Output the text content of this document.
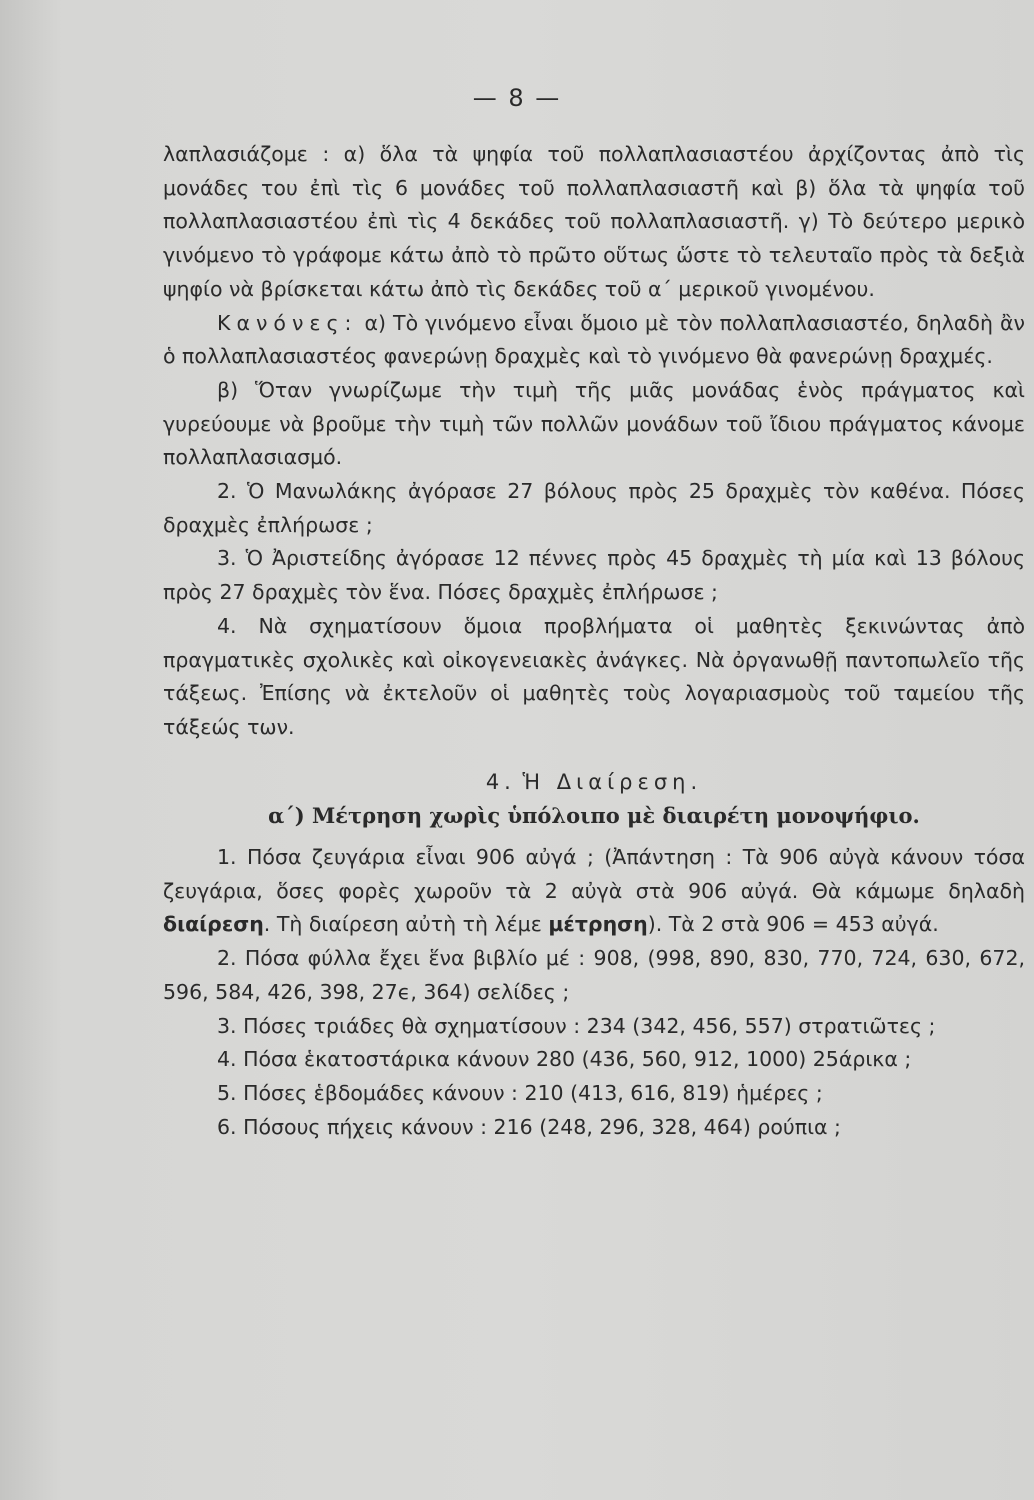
— 8 —

λαπλασιάζομε : α) ὅλα τὰ ψηφία τοῦ πολλαπλασιαστέου ἀρχίζοντας ἀπὸ τὶς μονάδες του ἐπὶ τὶς 6 μονάδες τοῦ πολλαπλασιαστῆ καὶ β) ὅλα τὰ ψηφία τοῦ πολλαπλασιαστέου ἐπὶ τὶς 4 δεκάδες τοῦ πολλαπλασιαστῆ. γ) Τὸ δεύτερο μερικὸ γινόμενο τὸ γράφομε κάτω ἀπὸ τὸ πρῶτο οὕτως ὥστε τὸ τελευταῖο πρὸς τὰ δεξιὰ ψηφίο νὰ βρίσκεται κάτω ἀπὸ τὶς δεκάδες τοῦ α΄ μερικοῦ γινομένου.

Κανόνες: α) Τὸ γινόμενο εἶναι ὅμοιο μὲ τὸν πολλαπλασιαστέο, δηλαδὴ ἂν ὁ πολλαπλασιαστέος φανερώνῃ δραχμὲς καὶ τὸ γινόμενο θὰ φανερώνῃ δραχμές.

β) Ὅταν γνωρίζωμε τὴν τιμὴ τῆς μιᾶς μονάδας ἑνὸς πράγματος καὶ γυρεύουμε νὰ βροῦμε τὴν τιμὴ τῶν πολλῶν μονάδων τοῦ ἴδιου πράγματος κάνομε πολλαπλασιασμό.

2. Ὁ Μανωλάκης ἀγόρασε 27 βόλους πρὸς 25 δραχμὲς τὸν καθένα. Πόσες δραχμὲς ἐπλήρωσε ;

3. Ὁ Ἀριστείδης ἀγόρασε 12 πέννες πρὸς 45 δραχμὲς τὴ μία καὶ 13 βόλους πρὸς 27 δραχμὲς τὸν ἕνα. Πόσες δραχμὲς ἐπλήρωσε ;

4. Νὰ σχηματίσουν ὅμοια προβλήματα οἱ μαθητὲς ξεκινώντας ἀπὸ πραγματικὲς σχολικὲς καὶ οἰκογενειακὲς ἀνάγκες. Νὰ ὀργανωθῇ παντοπωλεῖο τῆς τάξεως. Ἐπίσης νὰ ἐκτελοῦν οἱ μαθητὲς τοὺς λογαριασμοὺς τοῦ ταμείου τῆς τάξεώς των.

4. Ἡ Διαίρεση.

α΄) Μέτρηση χωρὶς ὑπόλοιπο μὲ διαιρέτη μονοψήφιο.

1. Πόσα ζευγάρια εἶναι 906 αὐγά ; (Ἀπάντηση : Τὰ 906 αὐγὰ κάνουν τόσα ζευγάρια, ὅσες φορὲς χωροῦν τὰ 2 αὐγὰ στὰ 906 αὐγά. Θὰ κάμωμε δηλαδὴ διαίρεση. Τὴ διαίρεση αὐτὴ τὴ λέμε μέτρηση). Τὰ 2 στὰ 906 = 453 αὐγά.

2. Πόσα φύλλα ἔχει ἕνα βιβλίο μέ : 908, (998, 890, 830, 770, 724, 630, 672, 596, 584, 426, 398, 27ϵ, 364) σελίδες ;

3. Πόσες τριάδες θὰ σχηματίσουν : 234 (342, 456, 557) στρατιῶτες ;

4. Πόσα ἑκατοστάρικα κάνουν 280 (436, 560, 912, 1000) 25άρικα ;

5. Πόσες ἑβδομάδες κάνουν : 210 (413, 616, 819) ἡμέρες ;

6. Πόσους πήχεις κάνουν : 216 (248, 296, 328, 464) ρούπια ;
